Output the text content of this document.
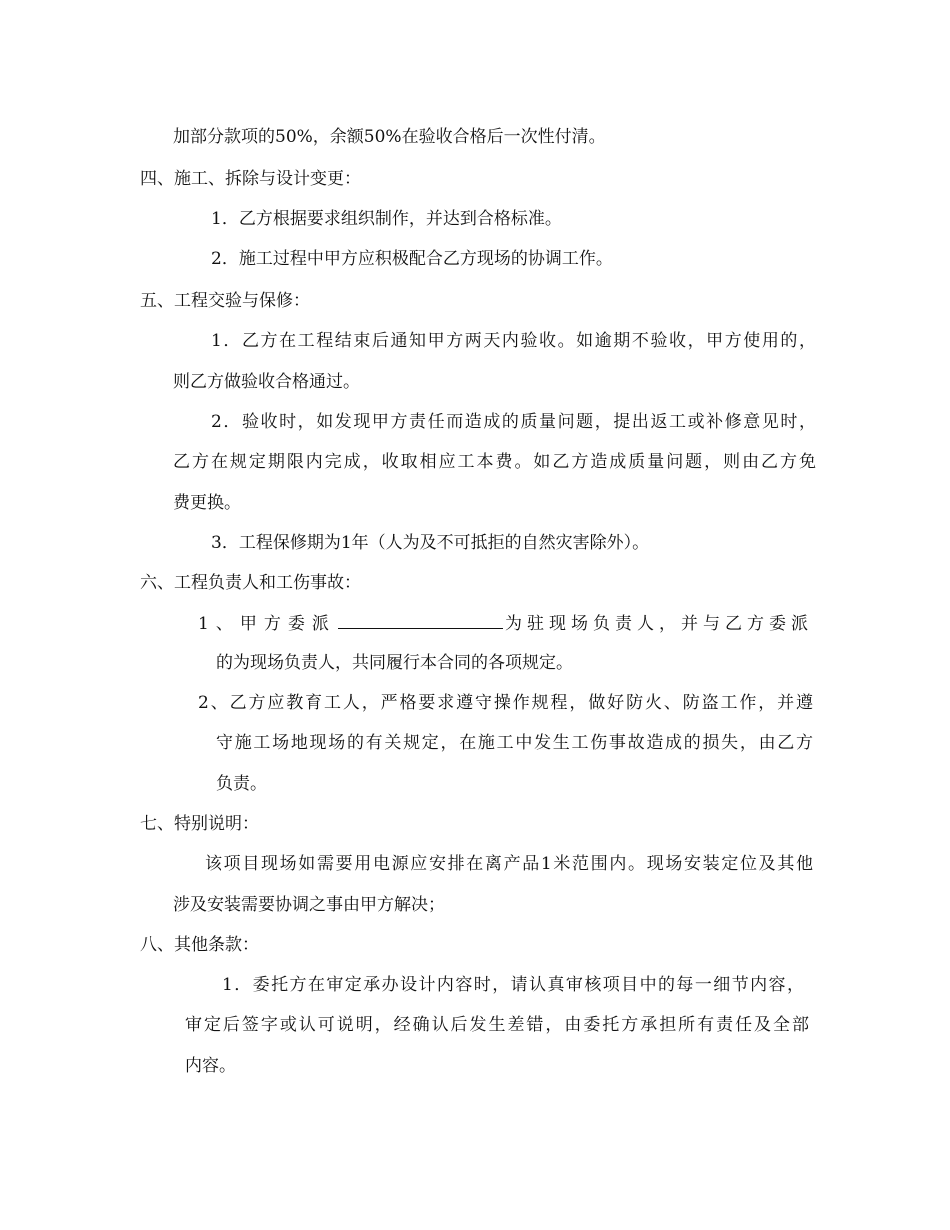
加部分款项的50%，余额50%在验收合格后一次性付清。
四、施工、拆除与设计变更：
1．乙方根据要求组织制作，并达到合格标准。
2．施工过程中甲方应积极配合乙方现场的协调工作。
五、工程交验与保修：
1．乙方在工程结束后通知甲方两天内验收。如逾期不验收，甲方使用的，
则乙方做验收合格通过。
2．验收时，如发现甲方责任而造成的质量问题，提出返工或补修意见时，
乙方在规定期限内完成，收取相应工本费。如乙方造成质量问题，则由乙方免
费更换。
3．工程保修期为1年（人为及不可抵拒的自然灾害除外）。
六、工程负责人和工伤事故：
1、甲方委派	为驻现场负责人，并与乙方委派
的为现场负责人，共同履行本合同的各项规定。
2、乙方应教育工人，严格要求遵守操作规程，做好防火、防盗工作，并遵
守施工场地现场的有关规定，在施工中发生工伤事故造成的损失，由乙方
负责。
七、特别说明：
该项目现场如需要用电源应安排在离产品1米范围内。现场安装定位及其他
涉及安装需要协调之事由甲方解决；
八、其他条款：
1．委托方在审定承办设计内容时，请认真审核项目中的每一细节内容，
审定后签字或认可说明，经确认后发生差错，由委托方承担所有责任及全部
内容。
